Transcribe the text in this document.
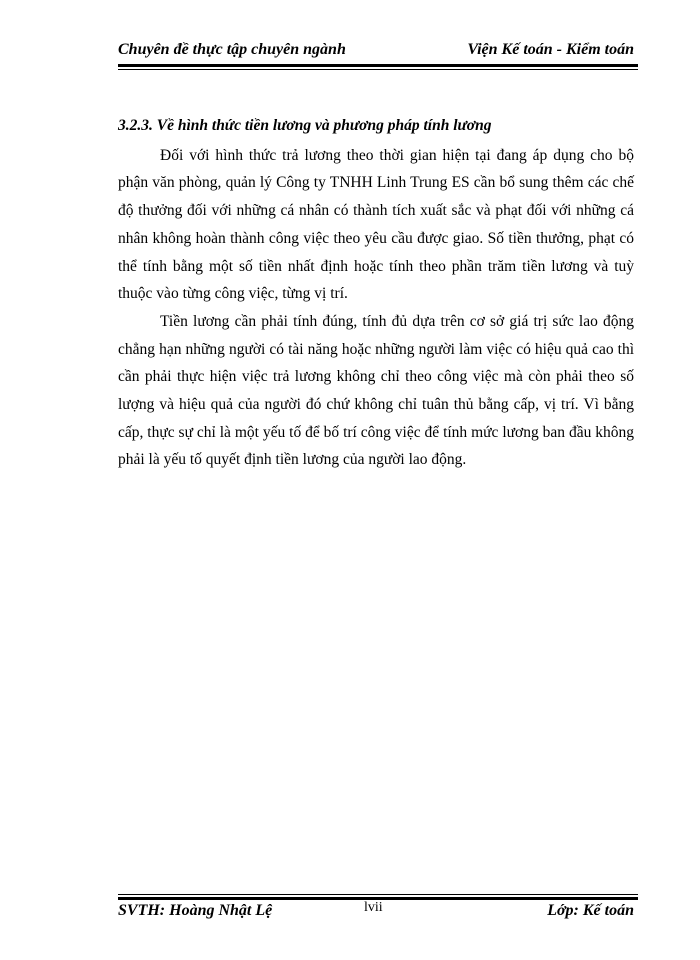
Chuyên đề thực tập chuyên ngành	Viện Kế toán - Kiểm toán

3.2.3. Về hình thức tiền lương và phương pháp tính lương

Đối với hình thức trả lương theo thời gian hiện tại đang áp dụng cho bộ phận văn phòng, quản lý Công ty TNHH Linh Trung ES cần bổ sung thêm các chế độ thưởng đối với những cá nhân có thành tích xuất sắc và phạt đối với những cá nhân không hoàn thành công việc theo yêu cầu được giao. Số tiền thưởng, phạt có thể tính bằng một số tiền nhất định hoặc tính theo phần trăm tiền lương và tuỳ thuộc vào từng công việc, từng vị trí.

Tiền lương cần phải tính đúng, tính đủ dựa trên cơ sở giá trị sức lao động chẳng hạn những người có tài năng hoặc những người làm việc có hiệu quả cao thì cần phải thực hiện việc trả lương không chỉ theo công việc mà còn phải theo số lượng và hiệu quả của người đó chứ không chỉ tuân thủ bằng cấp, vị trí. Vì bằng cấp, thực sự chỉ là một yếu tố để bố trí công việc để tính mức lương ban đầu không phải là yếu tố quyết định tiền lương của người lao động.

SVTH: Hoàng Nhật Lệ	lvii	Lớp: Kế toán
